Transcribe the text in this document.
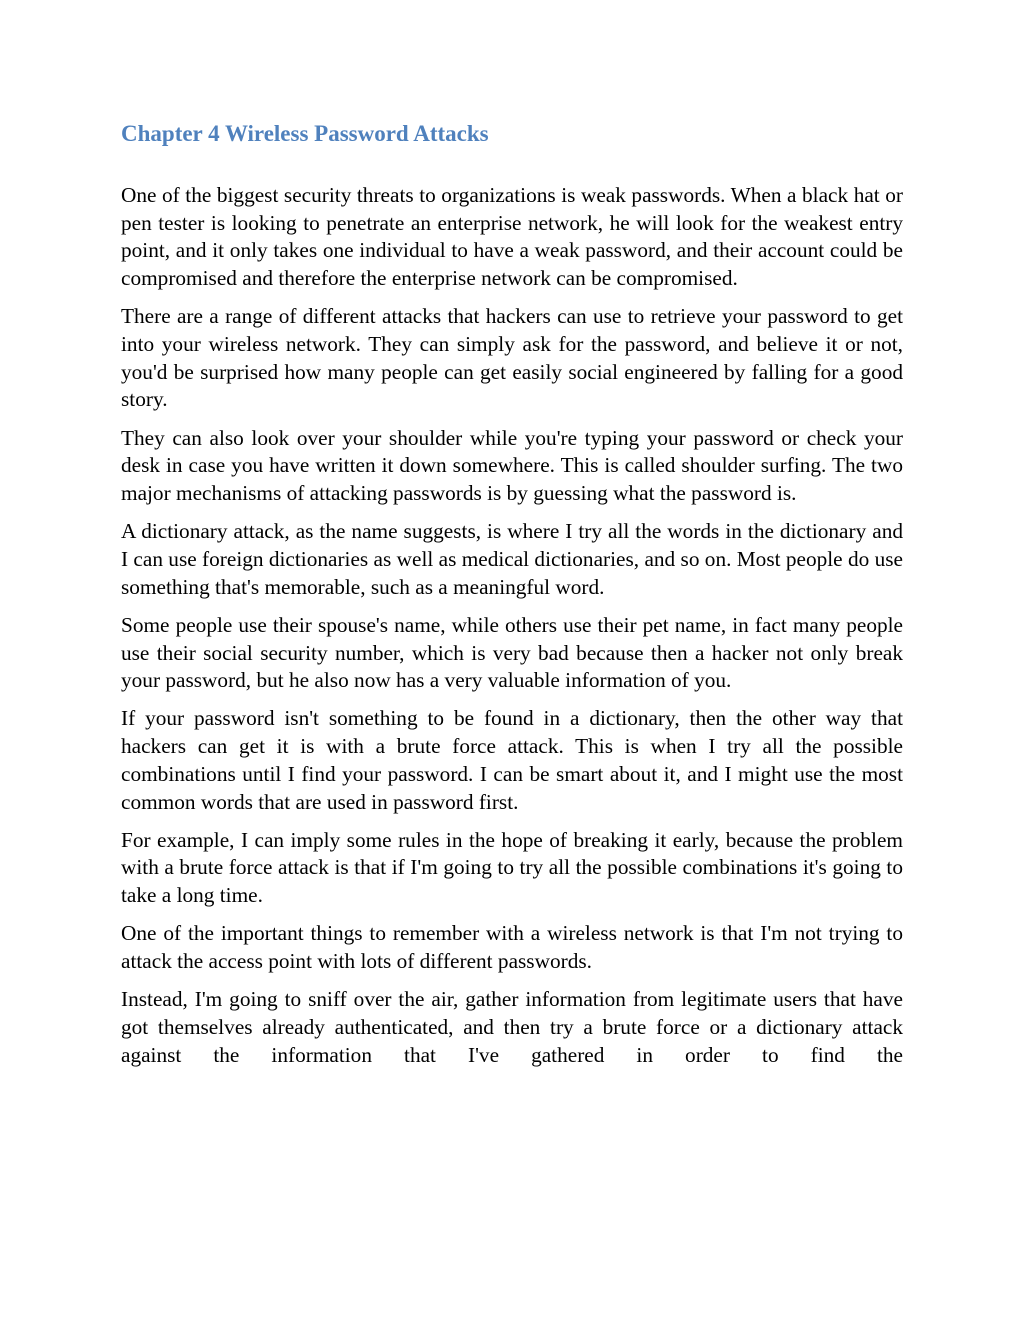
Chapter 4 Wireless Password Attacks

One of the biggest security threats to organizations is weak passwords. When a black hat or pen tester is looking to penetrate an enterprise network, he will look for the weakest entry point, and it only takes one individual to have a weak password, and their account could be compromised and therefore the enterprise network can be compromised.

There are a range of different attacks that hackers can use to retrieve your password to get into your wireless network. They can simply ask for the password, and believe it or not, you'd be surprised how many people can get easily social engineered by falling for a good story.

They can also look over your shoulder while you're typing your password or check your desk in case you have written it down somewhere. This is called shoulder surfing. The two major mechanisms of attacking passwords is by guessing what the password is.

A dictionary attack, as the name suggests, is where I try all the words in the dictionary and I can use foreign dictionaries as well as medical dictionaries, and so on. Most people do use something that's memorable, such as a meaningful word.

Some people use their spouse's name, while others use their pet name, in fact many people use their social security number, which is very bad because then a hacker not only break your password, but he also now has a very valuable information of you.

If your password isn't something to be found in a dictionary, then the other way that hackers can get it is with a brute force attack. This is when I try all the possible combinations until I find your password. I can be smart about it, and I might use the most common words that are used in password first.

For example, I can imply some rules in the hope of breaking it early, because the problem with a brute force attack is that if I'm going to try all the possible combinations it's going to take a long time.

One of the important things to remember with a wireless network is that I'm not trying to attack the access point with lots of different passwords.

Instead, I'm going to sniff over the air, gather information from legitimate users that have got themselves already authenticated, and then try a brute force or a dictionary attack against the information that I've gathered in order to find the
